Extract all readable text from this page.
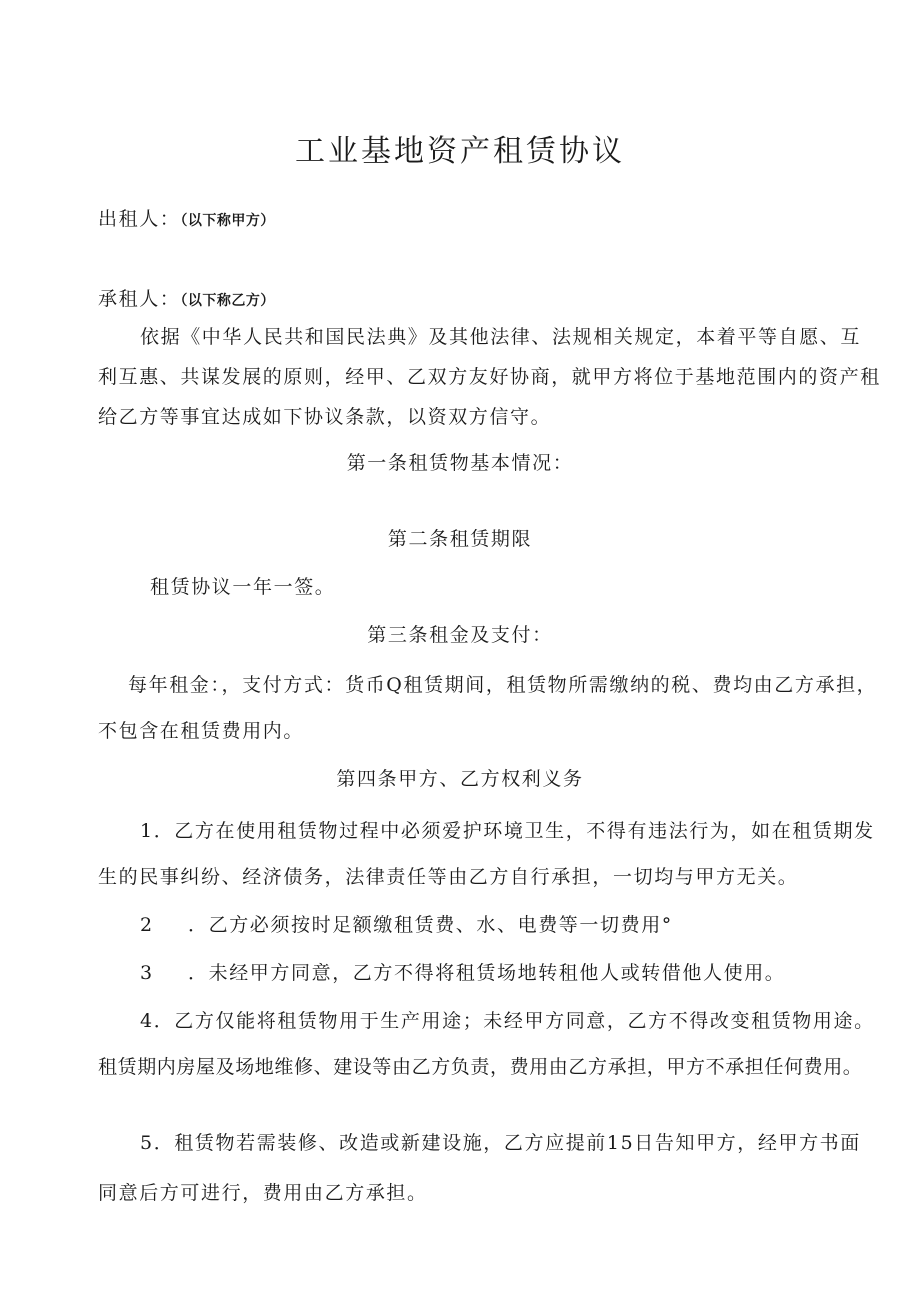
工业基地资产租赁协议
出租人：（以下称甲方）
承租人：（以下称乙方）
依据《中华人民共和国民法典》及其他法律、法规相关规定，本着平等自愿、互
利互惠、共谋发展的原则，经甲、乙双方友好协商，就甲方将位于基地范围内的资产租
给乙方等事宜达成如下协议条款，以资双方信守。
第一条租赁物基本情况：
第二条租赁期限
租赁协议一年一签。
第三条租金及支付：
每年租金：，支付方式：货币Q租赁期间，租赁物所需缴纳的税、费均由乙方承担，
不包含在租赁费用内。
第四条甲方、乙方权利义务
1．乙方在使用租赁物过程中必须爱护环境卫生，不得有违法行为，如在租赁期发
生的民事纠纷、经济债务，法律责任等由乙方自行承担，一切均与甲方无关。
2 ．乙方必须按时足额缴租赁费、水、电费等一切费用°
3 ．未经甲方同意，乙方不得将租赁场地转租他人或转借他人使用。
4．乙方仅能将租赁物用于生产用途；未经甲方同意，乙方不得改变租赁物用途。
租赁期内房屋及场地维修、建设等由乙方负责，费用由乙方承担，甲方不承担任何费用。
5．租赁物若需装修、改造或新建设施，乙方应提前15日告知甲方，经甲方书面
同意后方可进行，费用由乙方承担。
